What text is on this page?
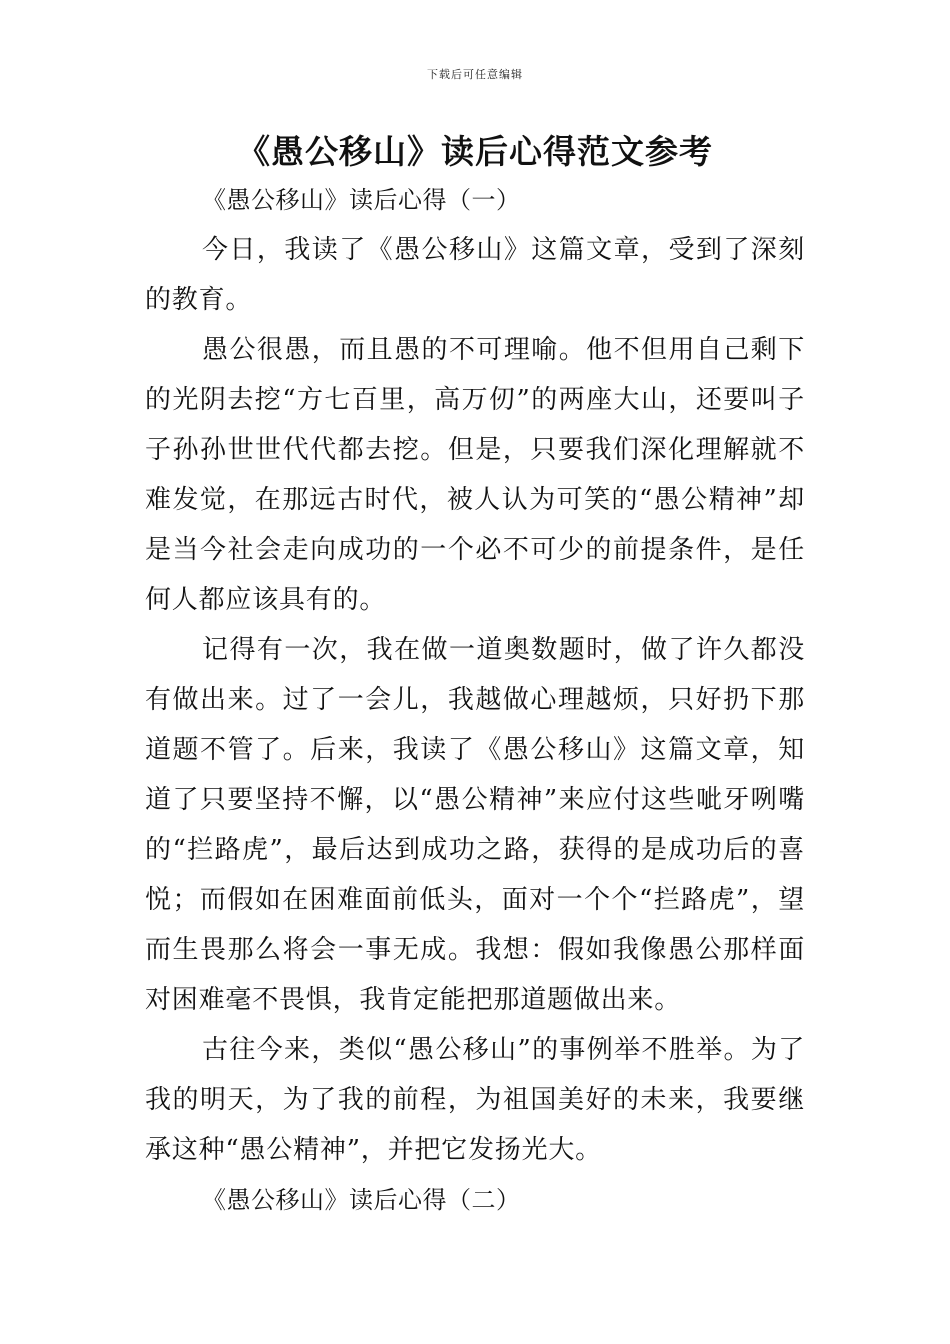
下载后可任意编辑
《愚公移山》读后心得范文参考

《愚公移山》读后心得（一）

今日，我读了《愚公移山》这篇文章，受到了深刻的教育。

愚公很愚，而且愚的不可理喻。他不但用自己剩下的光阴去挖“方七百里，高万仞”的两座大山，还要叫子子孙孙世世代代都去挖。但是，只要我们深化理解就不难发觉，在那远古时代，被人认为可笑的“愚公精神”却是当今社会走向成功的一个必不可少的前提条件，是任何人都应该具有的。

记得有一次，我在做一道奥数题时，做了许久都没有做出来。过了一会儿，我越做心理越烦，只好扔下那道题不管了。后来，我读了《愚公移山》这篇文章，知道了只要坚持不懈，以“愚公精神”来应付这些呲牙咧嘴的“拦路虎”，最后达到成功之路，获得的是成功后的喜悦；而假如在困难面前低头，面对一个个“拦路虎”，望而生畏那么将会一事无成。我想：假如我像愚公那样面对困难毫不畏惧，我肯定能把那道题做出来。

古往今来，类似“愚公移山”的事例举不胜举。为了我的明天，为了我的前程，为祖国美好的未来，我要继承这种“愚公精神”，并把它发扬光大。

《愚公移山》读后心得（二）
